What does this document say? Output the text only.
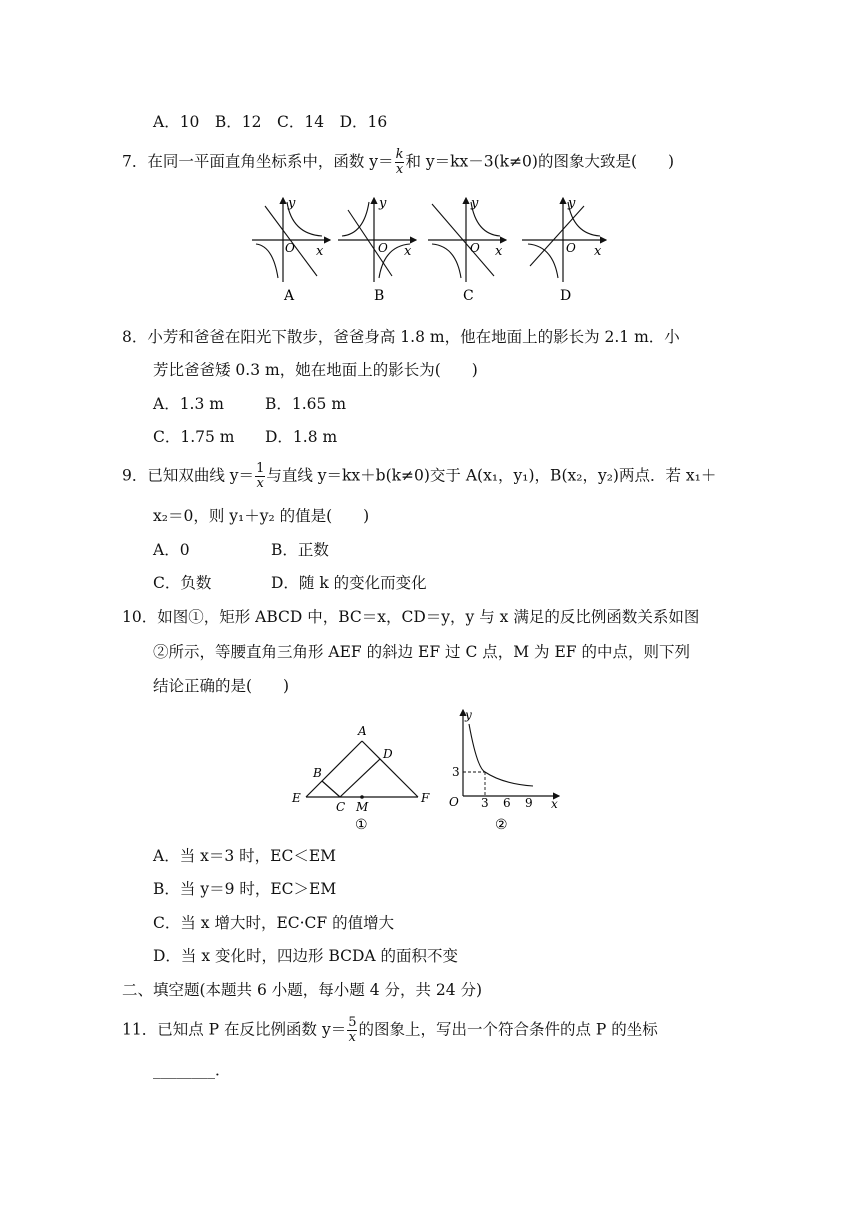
A．10　B．12　C．14　D．16
7．在同一平面直角坐标系中，函数 $y= \frac{k}{x}$ 和 y＝kx－3(k≠0)的图象大致是(　　)
y
x
O
A
y
x
O
B
y
x
O
C
y
x
O
D
8．小芳和爸爸在阳光下散步，爸爸身高 1.8 m，他在地面上的影长为 2.1 m．小
芳比爸爸矮 0.3 m，她在地面上的影长为(　　)
A．1.3 m	B．1.65 m
C．1.75 m D．1.8 m
9．已知双曲线 $y= \frac{1}{x}$ 与直线 y＝kx＋b(k≠0)交于 A(x₁，y₁)，B(x₂，y₂)两点．若 x₁＋
x₂＝0，则 y₁＋y₂ 的值是(　　)
A．0	B．正数
C．负数	D．随 k 的变化而变化
10．如图①，矩形 ABCD 中，BC＝x，CD＝y，y 与 x 满足的反比例函数关系如图
②所示，等腰直角三角形 AEF 的斜边 EF 过 C 点，M 为 EF 的中点，则下列
结论正确的是(　　)
A
B
C
D
E	F
M
①
y
x
O
3
3 6 9
②
A．当 x＝3 时，EC＜EM
B．当 y＝9 时，EC＞EM
C．当 x 增大时，EC·CF 的值增大
D．当 x 变化时，四边形 BCDA 的面积不变
二、填空题(本题共 6 小题，每小题 4 分，共 24 分)
11．已知点 P 在反比例函数 $y= \frac{5}{x}$ 的图象上，写出一个符合条件的点 P 的坐标
________．
